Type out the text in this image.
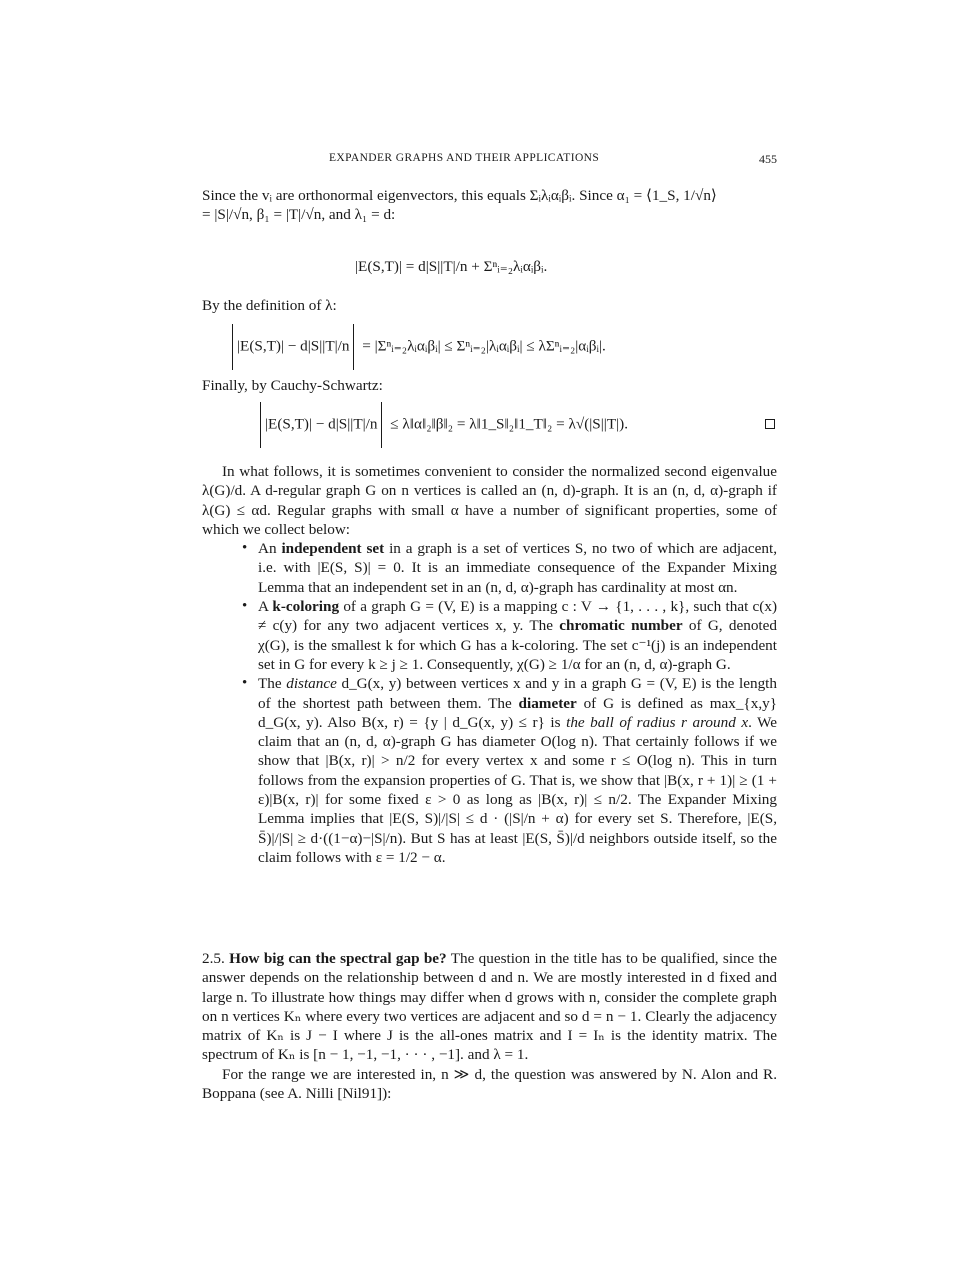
EXPANDER GRAPHS AND THEIR APPLICATIONS	455

Since the vᵢ are orthonormal eigenvectors, this equals Σᵢλᵢαᵢβᵢ. Since α₁ = ⟨1_S, 1/√n⟩

= |S|/√n, β₁ = |T|/√n, and λ₁ = d:

|E(S,T)| = d|S||T|/n + Σⁿᵢ₌₂λᵢαᵢβᵢ.
By the definition of λ:
|E(S,T)| − d|S||T|/n = |Σⁿᵢ₌₂λᵢαᵢβᵢ| ≤ Σⁿᵢ₌₂|λᵢαᵢβᵢ| ≤ λΣⁿᵢ₌₂|αᵢβᵢ|.
Finally, by Cauchy-Schwartz:
|E(S,T)| − d|S||T|/n ≤ λ‖α‖₂‖β‖₂ = λ‖1_S‖₂‖1_T‖₂ = λ√(|S||T|).

In what follows, it is sometimes convenient to consider the normalized second eigenvalue λ(G)/d. A d-regular graph G on n vertices is called an (n, d)-graph. It is an (n, d, α)-graph if λ(G) ≤ αd. Regular graphs with small α have a number of significant properties, some of which we collect below:

• An independent set in a graph is a set of vertices S, no two of which are adjacent, i.e. with |E(S, S)| = 0. It is an immediate consequence of the Expander Mixing Lemma that an independent set in an (n, d, α)-graph has cardinality at most αn.
• A k-coloring of a graph G = (V, E) is a mapping c : V → {1, . . . , k}, such that c(x) ≠ c(y) for any two adjacent vertices x, y. The chromatic number of G, denoted χ(G), is the smallest k for which G has a k-coloring. The set c⁻¹(j) is an independent set in G for every k ≥ j ≥ 1. Consequently, χ(G) ≥ 1/α for an (n, d, α)-graph G.
• The distance d_G(x, y) between vertices x and y in a graph G = (V, E) is the length of the shortest path between them. The diameter of G is defined as max_{x,y} d_G(x, y). Also B(x, r) = {y | d_G(x, y) ≤ r} is the ball of radius r around x. We claim that an (n, d, α)-graph G has diameter O(log n). That certainly follows if we show that |B(x, r)| > n/2 for every vertex x and some r ≤ O(log n). This in turn follows from the expansion properties of G. That is, we show that |B(x, r + 1)| ≥ (1 + ε)|B(x, r)| for some fixed ε > 0 as long as |B(x, r)| ≤ n/2. The Expander Mixing Lemma implies that |E(S, S)|/|S| ≤ d · (|S|/n + α) for every set S. Therefore, |E(S, S̄)|/|S| ≥ d·((1−α)−|S|/n). But S has at least |E(S, S̄)|/d neighbors outside itself, so the claim follows with ε = 1/2 − α.

2.5. How big can the spectral gap be? The question in the title has to be qualified, since the answer depends on the relationship between d and n. We are mostly interested in d fixed and large n. To illustrate how things may differ when d grows with n, consider the complete graph on n vertices Kₙ where every two vertices are adjacent and so d = n − 1. Clearly the adjacency matrix of Kₙ is J − I where J is the all-ones matrix and I = Iₙ is the identity matrix. The spectrum of Kₙ is [n − 1, −1, −1, · · · , −1]. and λ = 1.

For the range we are interested in, n ≫ d, the question was answered by N. Alon and R. Boppana (see A. Nilli [Nil91]):
